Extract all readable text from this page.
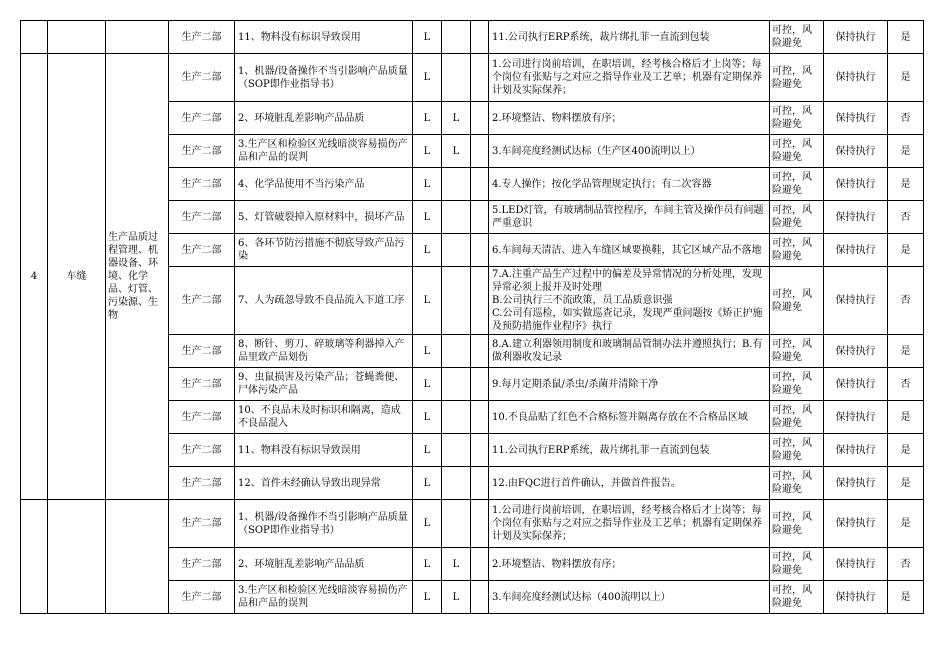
			生产二部	11、物料没有标识导致误用	L			11.公司执行ERP系统，裁片绑扎菲一直流到包装	可控，风险避免	保持执行	是
4	车缝	生产品质过程管理、机器设备、环境、化学品、灯管、污染源、生物	生产二部	1、机器/设备操作不当引影响产品质量（SOP即作业指导书）	L			1.公司进行岗前培训，在职培训，经考核合格后才上岗等；每个岗位有张贴与之对应之指导作业及工艺单；机器有定期保养计划及实际保养；	可控，风险避免	保持执行	是
			生产二部	2、环境脏乱差影响产品品质	L	L		2.环境整洁、物料摆放有序；	可控，风险避免	保持执行	否
			生产二部	3.生产区和检验区光线暗淡容易损伤产品和产品的误判	L	L		3.车间亮度经测试达标（生产区400流明以上）	可控，风险避免	保持执行	是
			生产二部	4、化学品使用不当污染产品	L			4.专人操作；按化学品管理规定执行；有二次容器	可控，风险避免	保持执行	是
			生产二部	5、灯管破裂掉入原材料中，损坏产品	L			5.LED灯管，有玻璃制品管控程序，车间主管及操作员有问题严重意识	可控，风险避免	保持执行	否
			生产二部	6、各环节防污措施不彻底导致产品污染	L			6.车间每天清洁、进入车缝区域要换鞋，其它区域产品不落地	可控，风险避免	保持执行	是
			生产二部	7、人为疏忽导致不良品流入下道工序	L			7.A.注重产品生产过程中的偏差及异常情况的分析处理，发现异常必须上报并及时处理
B.公司执行三不流政策，员工品质意识强
C.公司有巡检，如实做巡查记录，发现严重问题按《矫正护施及预防措施作业程序》执行	可控，风险避免	保持执行	否
			生产二部	8、断针、剪刀、碎玻璃等利器掉入产品里致产品划伤	L			8.A.建立利器领用制度和玻璃制品管制办法并遵照执行；B.有做利器收发记录	可控，风险避免	保持执行	是
			生产二部	9、虫鼠损害及污染产品；苍蝇粪便、尸体污染产品	L			9.每月定期杀鼠/杀虫/杀菌并清除干净	可控，风险避免	保持执行	否
			生产二部	10、不良品未及时标识和隔离，造成不良品混入	L			10.不良品贴了红色不合格标签并隔离存放在不合格品区域	可控，风险避免	保持执行	是
			生产二部	11、物料没有标识导致误用	L			11.公司执行ERP系统，裁片绑扎菲一直流到包装	可控，风险避免	保持执行	是
			生产二部	12、首件未经确认导致出现异常	L			12.由FQC进行首件确认，并做首件报告。	可控，风险避免	保持执行	是
			生产二部	1、机器/设备操作不当引影响产品质量（SOP即作业指导书）	L			1.公司进行岗前培训，在职培训，经考核合格后才上岗等；每个岗位有张贴与之对应之指导作业及工艺单；机器有定期保养计划及实际保养；	可控，风险避免	保持执行	是
			生产二部	2、环境脏乱差影响产品品质	L	L		2.环境整洁、物料摆放有序；	可控，风险避免	保持执行	否
			生产二部	3.生产区和检验区光线暗淡容易损伤产品和产品的误判	L	L		3.车间亮度经测试达标（400流明以上）	可控，风险避免	保持执行	是
